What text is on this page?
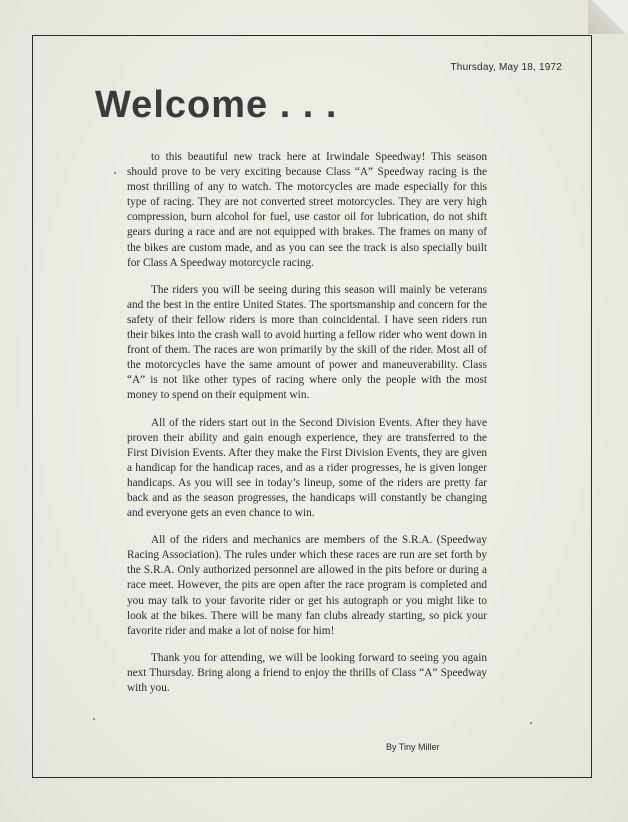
Thursday, May 18, 1972
Welcome . . .

to this beautiful new track here at Irwindale Speedway! This season should prove to be very exciting because Class “A” Speedway racing is the most thrilling of any to watch. The motorcycles are made especially for this type of racing. They are not converted street motorcycles. They are very high compression, burn alcohol for fuel, use castor oil for lubrication, do not shift gears during a race and are not equipped with brakes. The frames on many of the bikes are custom made, and as you can see the track is also specially built for Class A Speedway motorcycle racing.

The riders you will be seeing during this season will mainly be veterans and the best in the entire United States. The sportsmanship and concern for the safety of their fellow riders is more than coincidental. I have seen riders run their bikes into the crash wall to avoid hurting a fellow rider who went down in front of them. The races are won primarily by the skill of the rider. Most all of the motorcycles have the same amount of power and maneuverability. Class “A” is not like other types of racing where only the people with the most money to spend on their equipment win.

All of the riders start out in the Second Division Events. After they have proven their ability and gain enough experience, they are transferred to the First Division Events. After they make the First Division Events, they are given a handicap for the handicap races, and as a rider progresses, he is given longer handicaps. As you will see in today’s lineup, some of the riders are pretty far back and as the season progresses, the handicaps will constantly be changing and everyone gets an even chance to win.

All of the riders and mechanics are members of the S.R.A. (Speedway Racing Association). The rules under which these races are run are set forth by the S.R.A. Only authorized personnel are allowed in the pits before or during a race meet. However, the pits are open after the race program is completed and you may talk to your favorite rider or get his autograph or you might like to look at the bikes. There will be many fan clubs already starting, so pick your favorite rider and make a lot of noise for him!

Thank you for attending, we will be looking forward to seeing you again next Thursday. Bring along a friend to enjoy the thrills of Class “A” Speedway with you.

By Tiny Miller
